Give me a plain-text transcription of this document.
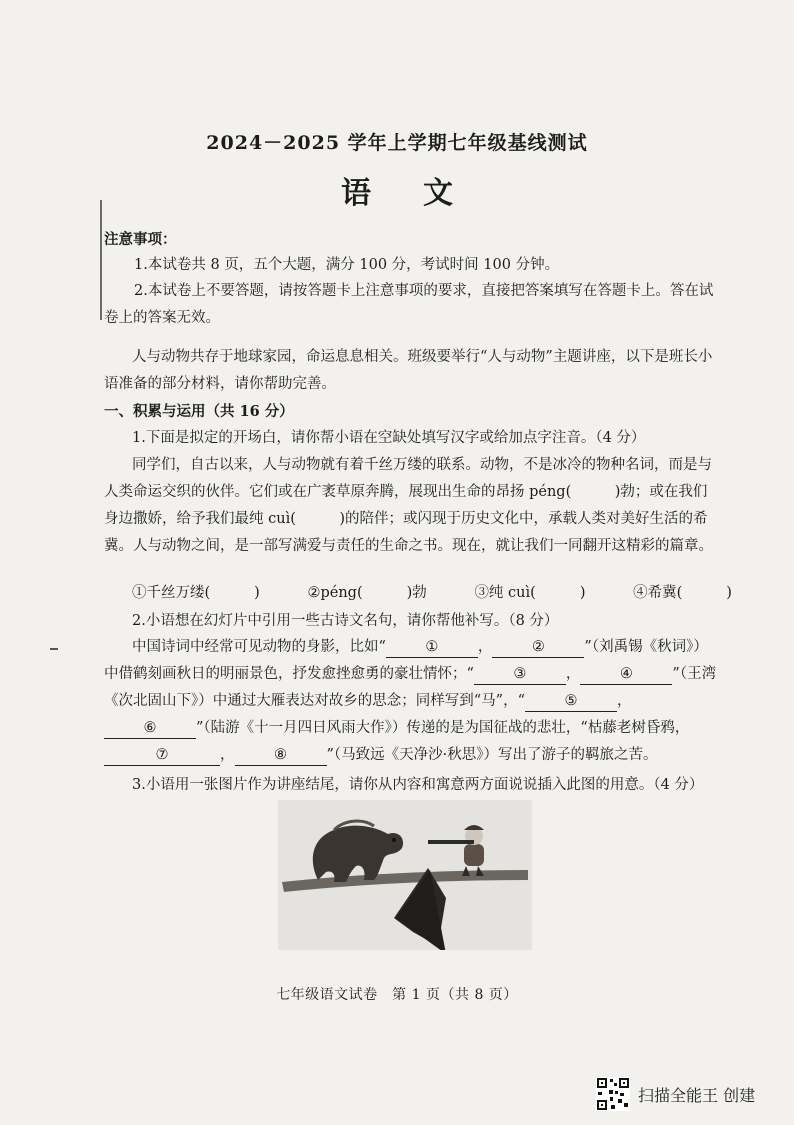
2024－2025 学年上学期七年级基线测试
语文
注意事项：
1.本试卷共 8 页，五个大题，满分 100 分，考试时间 100 分钟。
2.本试卷上不要答题，请按答题卡上注意事项的要求，直接把答案填写在答题卡上。答在试卷上的答案无效。
人与动物共存于地球家园，命运息息相关。班级要举行“人与动物”主题讲座，以下是班长小语准备的部分材料，请你帮助完善。
一、积累与运用（共 16 分）
1.下面是拟定的开场白，请你帮小语在空缺处填写汉字或给加点字注音。（4 分）
同学们，自古以来，人与动物就有着千丝万缕的联系。动物，不是冰冷的物种名词，而是与人类命运交织的伙伴。它们或在广袤草原奔腾，展现出生命的昂扬 péng(　　　)勃；或在我们身边撒娇，给予我们最纯 cuì(　　　)的陪伴；或闪现于历史文化中，承载人类对美好生活的希冀。人与动物之间，是一部写满爱与责任的生命之书。现在，就让我们一同翻开这精彩的篇章。
①千丝万缕(	)	②péng(	)勃	③纯 cuì(	)	④希冀(	)
2.小语想在幻灯片中引用一些古诗文名句，请你帮他补写。（8 分）
中国诗词中经常可见动物的身影，比如“	①	，	②	”（刘禹锡《秋词》）中借鹤刻画秋日的明丽景色，抒发愈挫愈勇的豪壮情怀；“	③	，	④	”（王湾《次北固山下》）中通过大雁表达对故乡的思念；同样写到“马”，“	⑤	，⑥	”（陆游《十一月四日风雨大作》）传递的是为国征战的悲壮，“枯藤老树昏鸦，⑦	，	⑧	”（马致远《天净沙·秋思》）写出了游子的羁旅之苦。
3.小语用一张图片作为讲座结尾，请你从内容和寓意两方面说说插入此图的用意。（4 分）
七年级语文试卷　第 1 页（共 8 页）
扫描全能王 创建
